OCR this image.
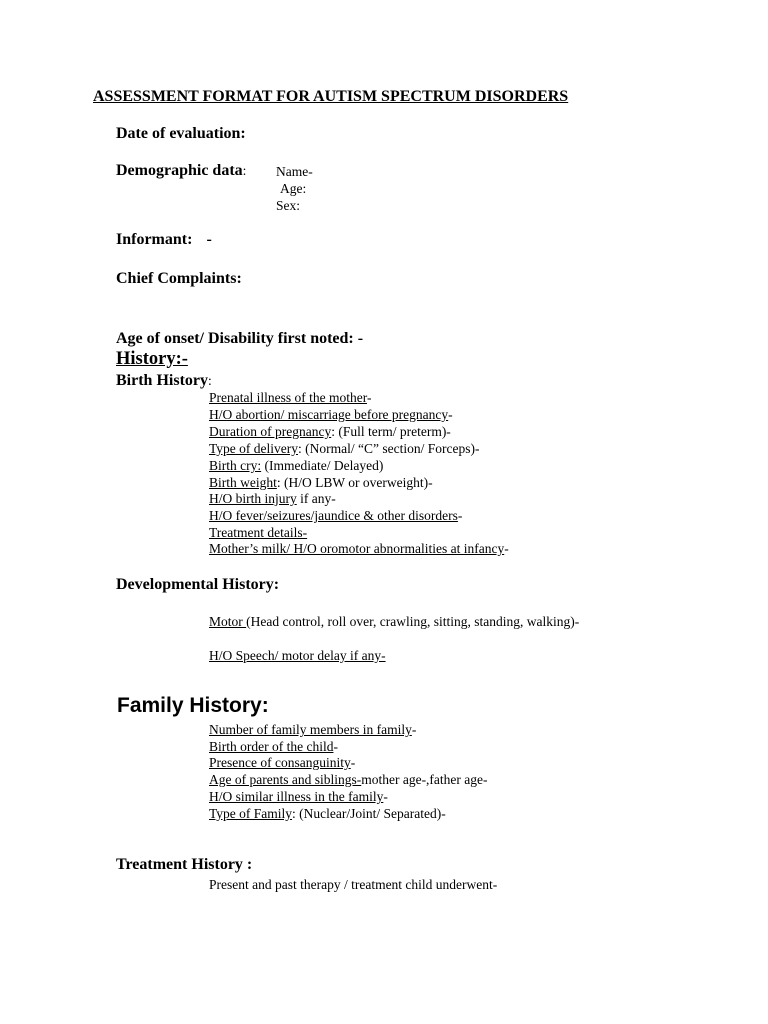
ASSESSMENT FORMAT FOR AUTISM SPECTRUM DISORDERS
Date of evaluation:
Demographic data: Name-
Age:
Sex:
Informant: -
Chief Complaints:
Age of onset/ Disability first noted: -
History:-
Birth History:
Prenatal illness of the mother-
H/O abortion/ miscarriage before pregnancy-
Duration of pregnancy: (Full term/ preterm)-
Type of delivery: (Normal/ “C” section/ Forceps)-
Birth cry: (Immediate/ Delayed)
Birth weight: (H/O LBW or overweight)-
H/O birth injury if any-
H/O fever/seizures/jaundice & other disorders-
Treatment details-
Mother’s milk/ H/O oromotor abnormalities at infancy-
Developmental History:
Motor (Head control, roll over, crawling, sitting, standing, walking)-
H/O Speech/ motor delay if any-
Family History:
Number of family members in family-
Birth order of the child-
Presence of consanguinity-
Age of parents and siblings-mother age-,father age-
H/O similar illness in the family-
Type of Family: (Nuclear/Joint/ Separated)-
Treatment History :
Present and past therapy / treatment child underwent-
